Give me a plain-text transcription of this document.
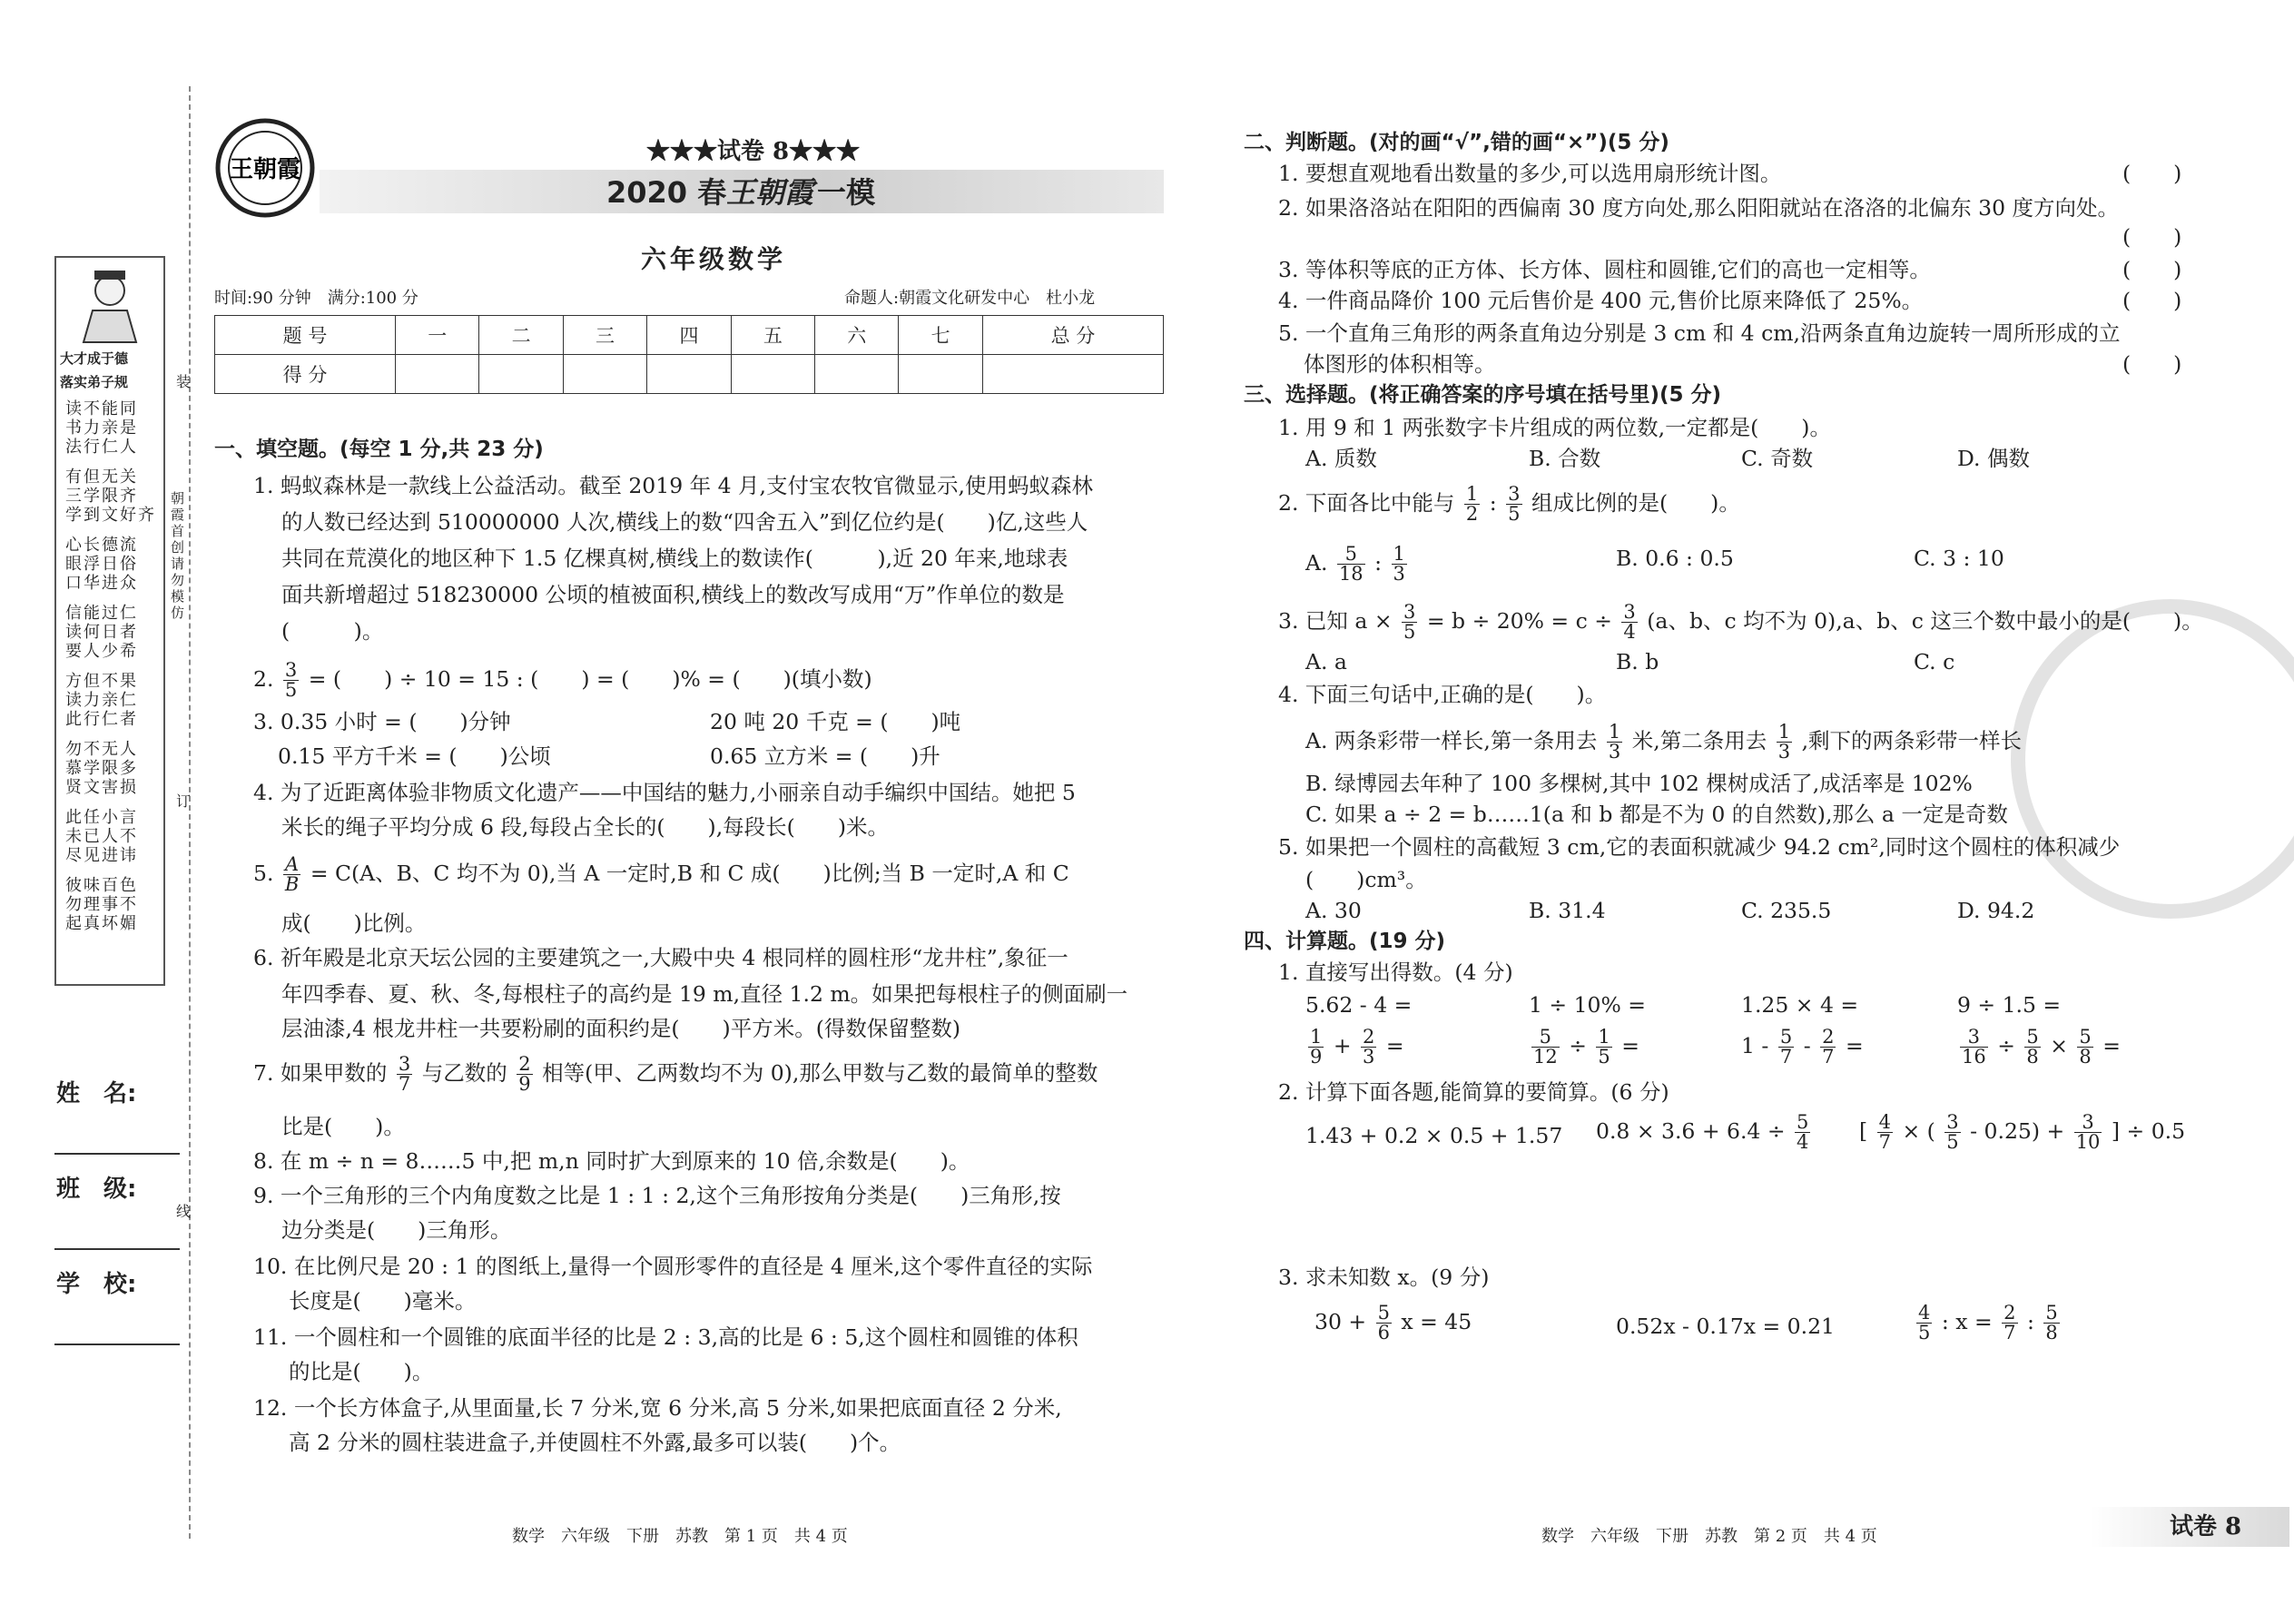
大才成于德
落实弟子规
读不能同
书力亲是
法行仁人
有但无关
三学限齐
学到文好齐
心长德流
眼浮日俗
口华进众
信能过仁
读何日者
要人少希
方但不果
读力亲仁
此行仁者
勿不无人
慕学限多
贤文害损
此任小言
未已人不
尽见进讳
彼味百色
勿理事不
起真坏媚
装
订
线
朝霞首创 请勿模仿
姓　名:
班　级:
学　校:
王朝霞
★★★试卷 8★★★
2020 春 王朝霞 一模
六年级数学
时间:90 分钟　满分:100 分	命题人:朝霞文化研发中心　杜小龙
题 号	一	二	三	四	五	六	七	总 分
得 分								
一、填空题。(每空 1 分,共 23 分)
1. 蚂蚁森林是一款线上公益活动。截至 2019 年 4 月,支付宝农牧官微显示,使用蚂蚁森林
的人数已经达到 510000000 人次,横线上的数“四舍五入”到亿位约是(　　)亿,这些人
共同在荒漠化的地区种下 1.5 亿棵真树,横线上的数读作(　　　),近 20 年来,地球表
面共新增超过 518230000 公顷的植被面积,横线上的数改写成用“万”作单位的数是
(　　　)。
2. $\frac{3}{5}$ = (　　) ÷ 10 = 15 : (　　) = (　　)% = (　　)(填小数)
3. 0.35 小时 = (　　)分钟	20 吨 20 千克 = (　　)吨
0.15 平方千米 = (　　)公顷	0.65 立方米 = (　　)升
4. 为了近距离体验非物质文化遗产——中国结的魅力,小丽亲自动手编织中国结。她把 5
米长的绳子平均分成 6 段,每段占全长的(　　),每段长(　　)米。
5. $\frac{A}{B} = C(A$、B、C 均不为 0),当 A 一定时,B 和 C 成(　　)比例;当 B 一定时,A 和 C
成(　　)比例。
6. 祈年殿是北京天坛公园的主要建筑之一,大殿中央 4 根同样的圆柱形“龙井柱”,象征一
年四季春、夏、秋、冬,每根柱子的高约是 19 m,直径 1.2 m。如果把每根柱子的侧面刷一
层油漆,4 根龙井柱一共要粉刷的面积约是(　　)平方米。(得数保留整数)
7. 如果甲数的 $\frac{3}{7}$ 与乙数的 $\frac{2}{9}$ 相等(甲、乙两数均不为 0),那么甲数与乙数的最简单的整数
比是(　　)。
8. 在 m ÷ n = 8……5 中,把 m,n 同时扩大到原来的 10 倍,余数是(　　)。
9. 一个三角形的三个内角度数之比是 1 : 1 : 2,这个三角形按角分类是(　　)三角形,按
边分类是(　　)三角形。
10. 在比例尺是 20 : 1 的图纸上,量得一个圆形零件的直径是 4 厘米,这个零件直径的实际
长度是(　　)毫米。
11. 一个圆柱和一个圆锥的底面半径的比是 2 : 3,高的比是 6 : 5,这个圆柱和圆锥的体积
的比是(　　)。
12. 一个长方体盒子,从里面量,长 7 分米,宽 6 分米,高 5 分米,如果把底面直径 2 分米,
高 2 分米的圆柱装进盒子,并使圆柱不外露,最多可以装(　　)个。
数学　六年级　下册　苏教　第 1 页　共 4 页
二、判断题。(对的画“√”,错的画“×”)(5 分)
1. 要想直观地看出数量的多少,可以选用扇形统计图。	(　　)
2. 如果洛洛站在阳阳的西偏南 30 度方向处,那么阳阳就站在洛洛的北偏东 30 度方向处。
(　　)
3. 等体积等底的正方体、长方体、圆柱和圆锥,它们的高也一定相等。	(　　)
4. 一件商品降价 100 元后售价是 400 元,售价比原来降低了 25%。	(　　)
5. 一个直角三角形的两条直角边分别是 3 cm 和 4 cm,沿两条直角边旋转一周所形成的立
体图形的体积相等。	(　　)
三、选择题。(将正确答案的序号填在括号里)(5 分)
1. 用 9 和 1 两张数字卡片组成的两位数,一定都是(　　)。
A. 质数	B. 合数	C. 奇数	D. 偶数
2. 下面各比中能与 $\frac{1}{2}$ : $\frac{3}{5}$ 组成比例的是(　　)。
A. $\frac{5}{18}$ : $\frac{1}{3}$	B. 0.6 : 0.5	C. 3 : 10
3. 已知 $a \times \frac{3}{5} = b \div 20\% = c \div \frac{3}{4} (a$、b、c 均不为 0),a、b、c 这三个数中最小的是(　　)。
A. a	B. b	C. c
4. 下面三句话中,正确的是(　　)。
A. 两条彩带一样长,第一条用去 $\frac{1}{3}$ 米,第二条用去 $\frac{1}{3}$ ,剩下的两条彩带一样长
B. 绿博园去年种了 100 多棵树,其中 102 棵树成活了,成活率是 102%
C. 如果 a ÷ 2 = b……1(a 和 b 都是不为 0 的自然数),那么 a 一定是奇数
5. 如果把一个圆柱的高截短 3 cm,它的表面积就减少 94.2 cm²,同时这个圆柱的体积减少
(　　)cm³。
A. 30	B. 31.4	C. 235.5	D. 94.2
四、计算题。(19 分)
1. 直接写出得数。(4 分)
5.62 - 4 =	1 ÷ 10% =	1.25 × 4 =	9 ÷ 1.5 =
$\frac{1}{9} + \frac{2}{3}$ =	$\frac{5}{12} \div \frac{1}{5}$ =	$1 - \frac{5}{7} - \frac{2}{7}$ =	$\frac{3}{16} \div \frac{5}{8} \times \frac{5}{8}$ =
2. 计算下面各题,能简算的要简算。(6 分)
1.43 + 0.2 × 0.5 + 1.57 $0.8 \times 3.6 + 6.4 \div \frac{5}{4}$ [ $\frac{4}{7}$ × ( $\frac{3}{5} - 0.25) + \frac{3}{10}$ ] ÷ 0.5
3. 求未知数 x。(9 分)
$30 + \frac{5}{6}$ x = 45	0.52x - 0.17x = 0.21	$\frac{4}{5}$ : $x = \frac{2}{7}$ : $\frac{5}{8}$
数学　六年级　下册　苏教　第 2 页　共 4 页	试卷 8
